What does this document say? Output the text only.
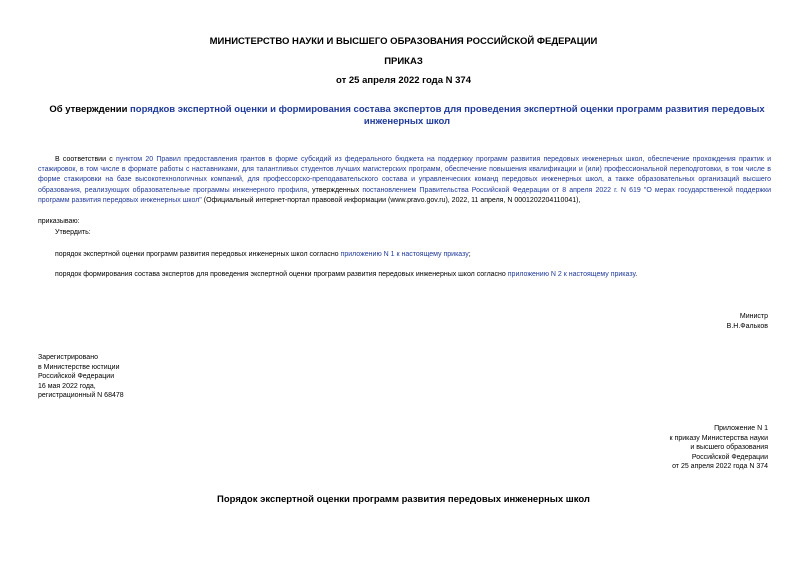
МИНИСТЕРСТВО НАУКИ И ВЫСШЕГО ОБРАЗОВАНИЯ РОССИЙСКОЙ ФЕДЕРАЦИИ
ПРИКАЗ
от 25 апреля 2022 года N 374
Об утверждении порядков экспертной оценки и формирования состава экспертов для проведения экспертной оценки программ развития передовых инженерных школ
В соответствии с пунктом 20 Правил предоставления грантов в форме субсидий из федерального бюджета на поддержку программ развития передовых инженерных школ, обеспечение прохождения практик и стажировок, в том числе в формате работы с наставниками, для талантливых студентов лучших магистерских программ, обеспечение повышения квалификации и (или) профессиональной переподготовки, в том числе в форме стажировки на базе высокотехнологичных компаний, для профессорско-преподавательского состава и управленческих команд передовых инженерных школ, а также образовательных организаций высшего образования, реализующих образовательные программы инженерного профиля, утвержденных постановлением Правительства Российской Федерации от 8 апреля 2022 г. N 619 "О мерах государственной поддержки программ развития передовых инженерных школ" (Официальный интернет-портал правовой информации (www.pravo.gov.ru), 2022, 11 апреля, N 0001202204110041),
приказываю:
Утвердить:
порядок экспертной оценки программ развития передовых инженерных школ согласно приложению N 1 к настоящему приказу;
порядок формирования состава экспертов для проведения экспертной оценки программ развития передовых инженерных школ согласно приложению N 2 к настоящему приказу.
Министр
В.Н.Фальков
Зарегистрировано
в Министерстве юстиции
Российской Федерации
16 мая 2022 года,
регистрационный N 68478
Приложение N 1
к приказу Министерства науки
и высшего образования
Российской Федерации
от 25 апреля 2022 года N 374
Порядок экспертной оценки программ развития передовых инженерных школ
